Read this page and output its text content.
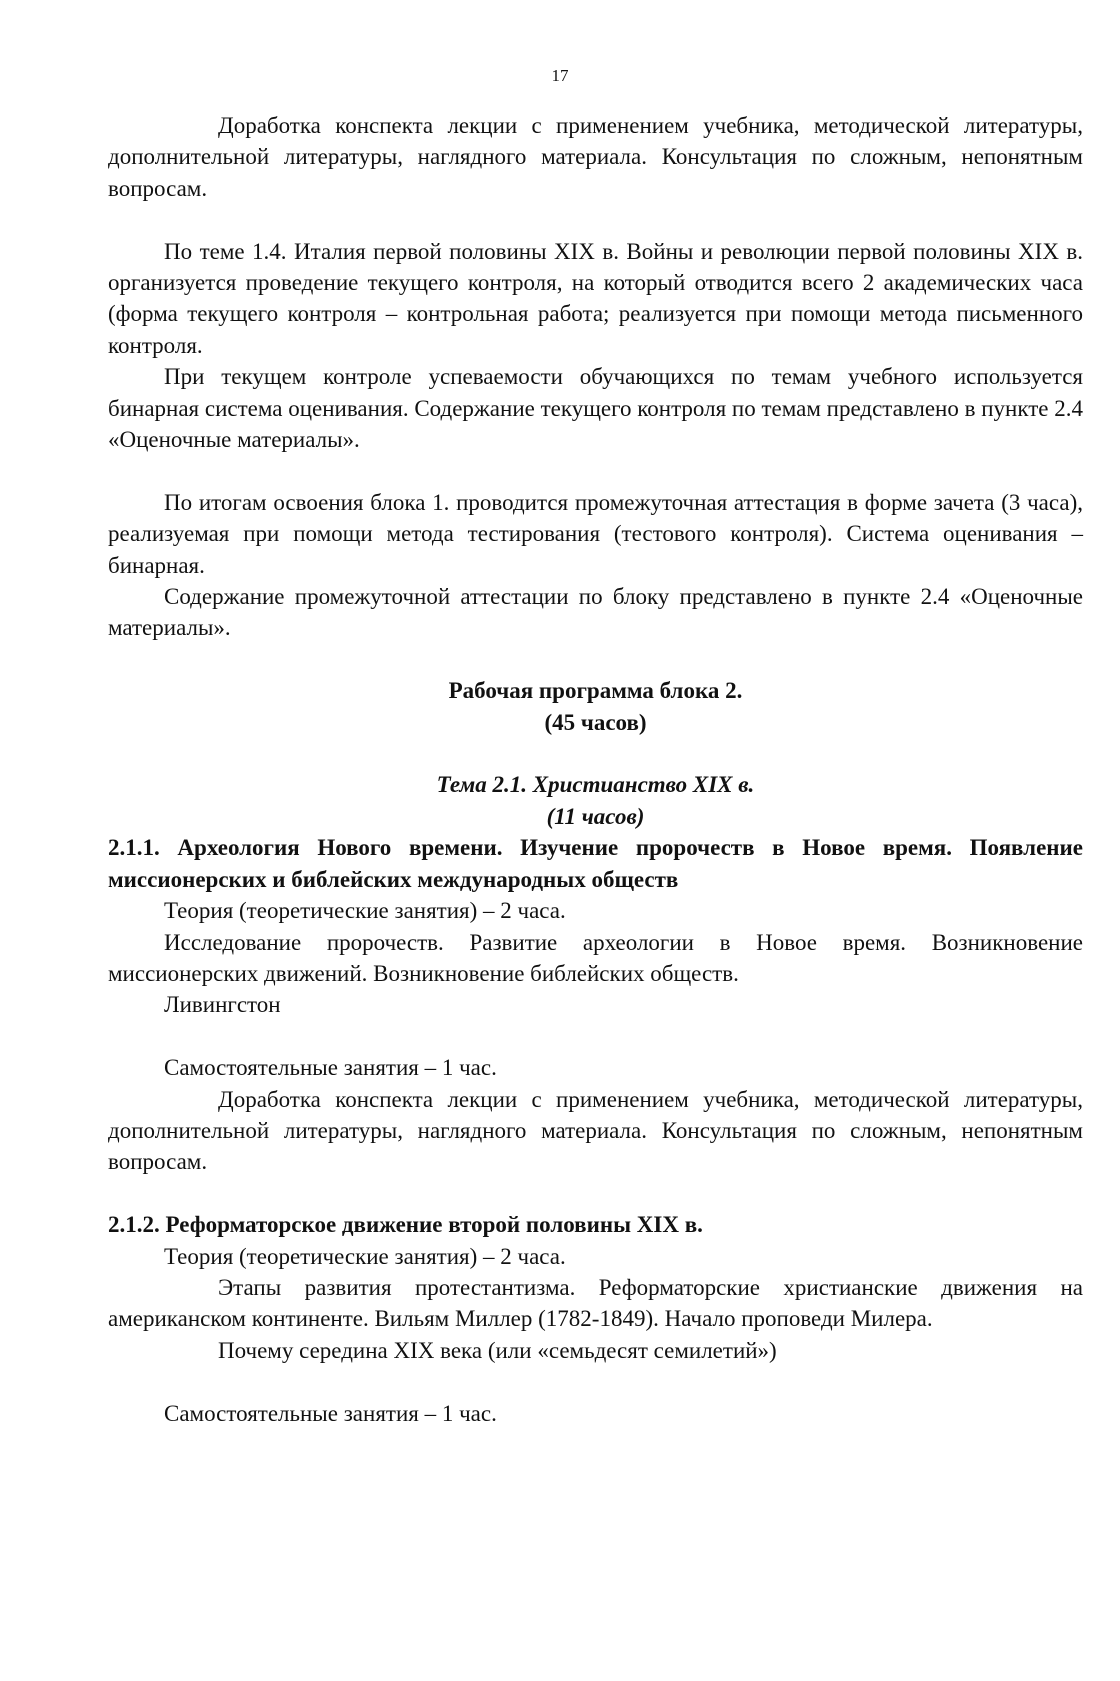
17

Доработка конспекта лекции с применением учебника, методической литературы, дополнительной литературы, наглядного материала. Консультация по сложным, непонятным вопросам.

По теме 1.4. Италия первой половины XIX в. Войны и революции первой половины XIX в. организуется проведение текущего контроля, на который отводится всего 2 академических часа (форма текущего контроля – контрольная работа; реализуется при помощи метода письменного контроля.

При текущем контроле успеваемости обучающихся по темам учебного используется бинарная система оценивания. Содержание текущего контроля по темам представлено в пункте 2.4 «Оценочные материалы».

По итогам освоения блока 1. проводится промежуточная аттестация в форме зачета (3 часа), реализуемая при помощи метода тестирования (тестового контроля). Система оценивания – бинарная.

Содержание промежуточной аттестации по блоку представлено в пункте 2.4 «Оценочные материалы».

Рабочая программа блока 2.

(45 часов)

Тема 2.1. Христианство XIX в.

(11 часов)

2.1.1. Археология Нового времени. Изучение пророчеств в Новое время. Появление миссионерских и библейских международных обществ

Теория (теоретические занятия) – 2 часа.

Исследование пророчеств. Развитие археологии в Новое время. Возникновение миссионерских движений. Возникновение библейских обществ.

Ливингстон

Самостоятельные занятия – 1 час.

Доработка конспекта лекции с применением учебника, методической литературы, дополнительной литературы, наглядного материала. Консультация по сложным, непонятным вопросам.

2.1.2. Реформаторское движение второй половины XIX в.

Теория (теоретические занятия) – 2 часа.

Этапы развития протестантизма. Реформаторские христианские движения на американском континенте. Вильям Миллер (1782-1849). Начало проповеди Милера.

Почему середина XIX века (или «семьдесят семилетий»)

Самостоятельные занятия – 1 час.
